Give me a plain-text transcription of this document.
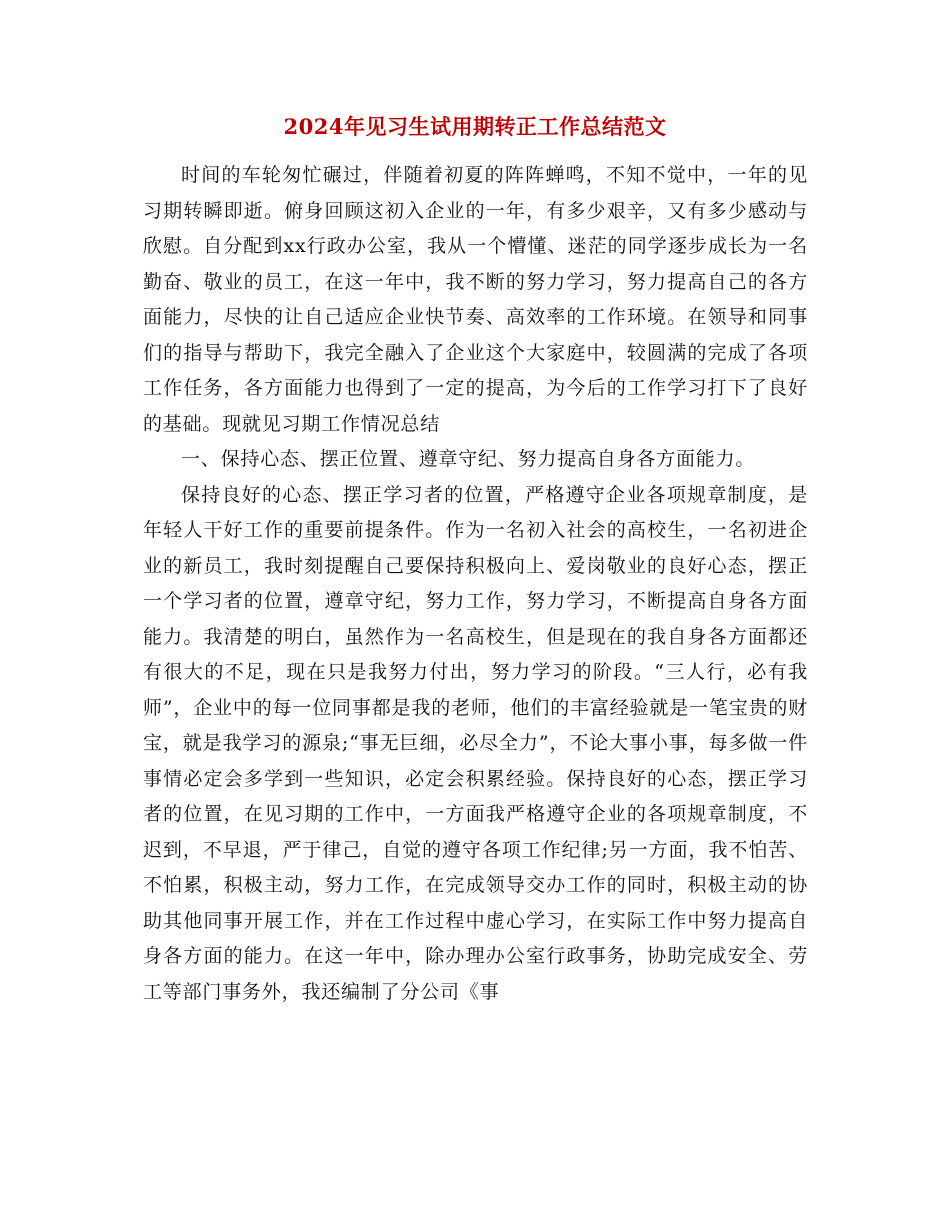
2024年见习生试用期转正工作总结范文

时间的车轮匆忙碾过，伴随着初夏的阵阵蝉鸣，不知不觉中，一年的见习期转瞬即逝。俯身回顾这初入企业的一年，有多少艰辛，又有多少感动与欣慰。自分配到xx行政办公室，我从一个懵懂、迷茫的同学逐步成长为一名勤奋、敬业的员工，在这一年中，我不断的努力学习，努力提高自己的各方面能力，尽快的让自己适应企业快节奏、高效率的工作环境。在领导和同事们的指导与帮助下，我完全融入了企业这个大家庭中，较圆满的完成了各项工作任务，各方面能力也得到了一定的提高，为今后的工作学习打下了良好的基础。现就见习期工作情况总结

一、保持心态、摆正位置、遵章守纪、努力提高自身各方面能力。

保持良好的心态、摆正学习者的位置，严格遵守企业各项规章制度，是年轻人干好工作的重要前提条件。作为一名初入社会的高校生，一名初进企业的新员工，我时刻提醒自己要保持积极向上、爱岗敬业的良好心态，摆正一个学习者的位置，遵章守纪，努力工作，努力学习，不断提高自身各方面能力。我清楚的明白，虽然作为一名高校生，但是现在的我自身各方面都还有很大的不足，现在只是我努力付出，努力学习的阶段。“三人行，必有我师”，企业中的每一位同事都是我的老师，他们的丰富经验就是一笔宝贵的财宝，就是我学习的源泉;“事无巨细，必尽全力”，不论大事小事，每多做一件事情必定会多学到一些知识，必定会积累经验。保持良好的心态，摆正学习者的位置，在见习期的工作中，一方面我严格遵守企业的各项规章制度，不迟到，不早退，严于律己，自觉的遵守各项工作纪律;另一方面，我不怕苦、不怕累，积极主动，努力工作，在完成领导交办工作的同时，积极主动的协助其他同事开展工作，并在工作过程中虚心学习，在实际工作中努力提高自身各方面的能力。在这一年中，除办理办公室行政事务，协助完成安全、劳工等部门事务外，我还编制了分公司《事
